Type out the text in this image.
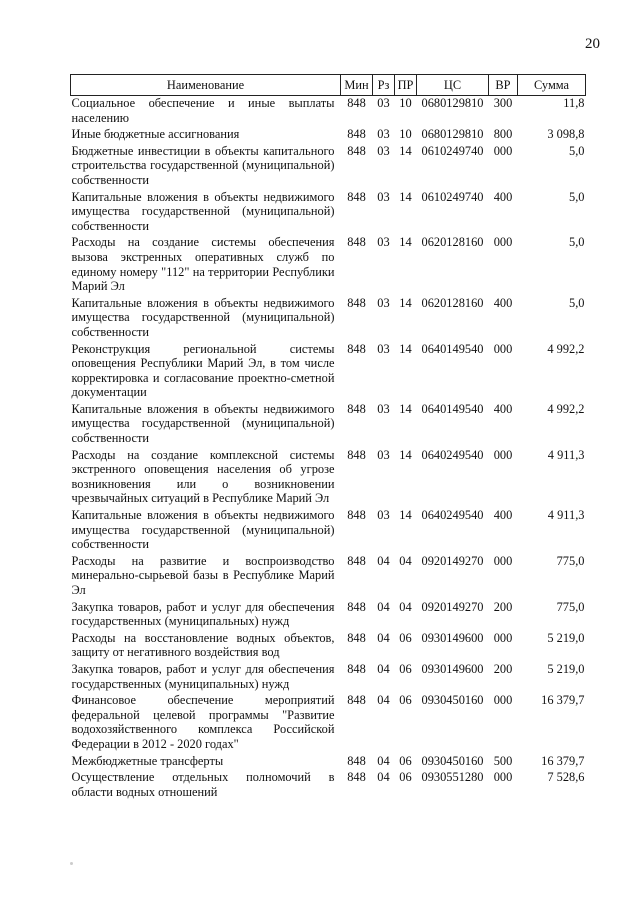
20
Наименование	Мин	Рз	ПР	ЦС	ВР	Сумма
Социальное обеспечение и иные выплаты населению	848	03	10	0680129810	300	11,8
Иные бюджетные ассигнования	848	03	10	0680129810	800	3 098,8
Бюджетные инвестиции в объекты капитального строительства государственной (муниципальной) собственности	848	03	14	0610249740	000	5,0
Капитальные вложения в объекты недвижимого имущества государственной (муниципальной) собственности	848	03	14	0610249740	400	5,0
Расходы на создание системы обеспечения вызова экстренных оперативных служб по единому номеру "112" на территории Республики Марий Эл	848	03	14	0620128160	000	5,0
Капитальные вложения в объекты недвижимого имущества государственной (муниципальной) собственности	848	03	14	0620128160	400	5,0
Реконструкция региональной системы оповещения Республики Марий Эл, в том числе корректировка и согласование проектно-сметной документации	848	03	14	0640149540	000	4 992,2
Капитальные вложения в объекты недвижимого имущества государственной (муниципальной) собственности	848	03	14	0640149540	400	4 992,2
Расходы на создание комплексной системы экстренного оповещения населения об угрозе возникновения или о возникновении чрезвычайных ситуаций в Республике Марий Эл	848	03	14	0640249540	000	4 911,3
Капитальные вложения в объекты недвижимого имущества государственной (муниципальной) собственности	848	03	14	0640249540	400	4 911,3
Расходы на развитие и воспроизводство минерально-сырьевой базы в Республике Марий Эл	848	04	04	0920149270	000	775,0
Закупка товаров, работ и услуг для обеспечения государственных (муниципальных) нужд	848	04	04	0920149270	200	775,0
Расходы на восстановление водных объектов, защиту от негативного воздействия вод	848	04	06	0930149600	000	5 219,0
Закупка товаров, работ и услуг для обеспечения государственных (муниципальных) нужд	848	04	06	0930149600	200	5 219,0
Финансовое обеспечение мероприятий федеральной целевой программы "Развитие водохозяйственного комплекса Российской Федерации в 2012 - 2020 годах"	848	04	06	0930450160	000	16 379,7
Межбюджетные трансферты	848	04	06	0930450160	500	16 379,7
Осуществление отдельных полномочий в области водных отношений	848	04	06	0930551280	000	7 528,6
